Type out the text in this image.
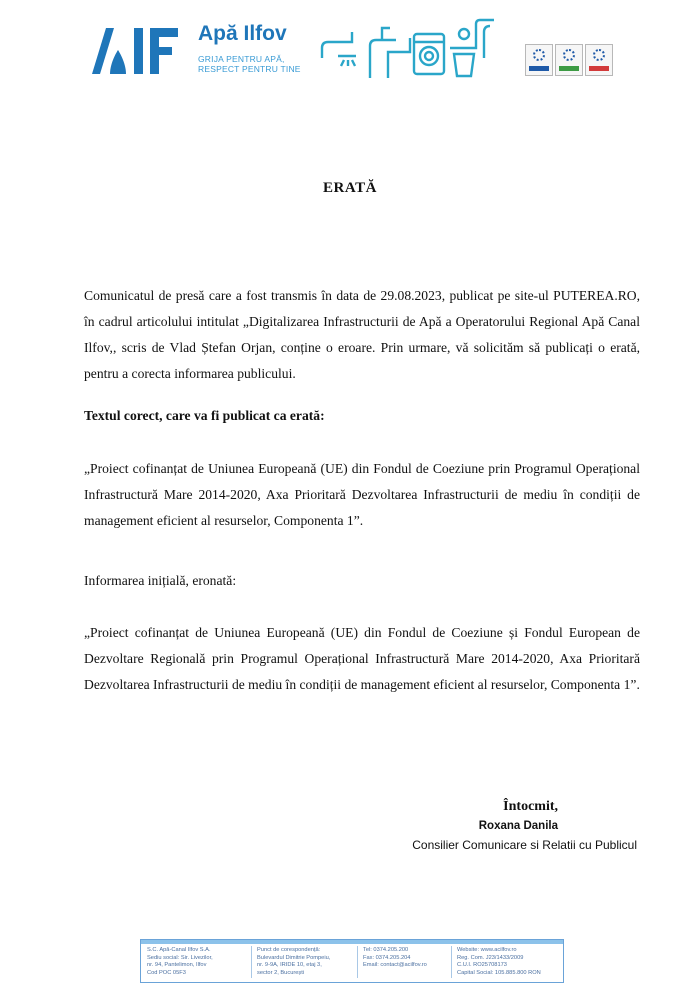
Apă Ilfov
GRIJA PENTRU APĂ,
RESPECT PENTRU TINE
ERATĂ
Comunicatul de presă care a fost transmis în data de 29.08.2023, publicat pe site-ul PUTEREA.RO, în cadrul articolului intitulat „Digitalizarea Infrastructurii de Apă a Operatorului Regional Apă Canal Ilfov,, scris de Vlad Ștefan Orjan, conține o eroare. Prin urmare, vă solicităm să publicați o erată, pentru a corecta informarea publicului.
Textul corect, care va fi publicat ca erată:
„Proiect cofinanțat de Uniunea Europeană (UE) din Fondul de Coeziune prin Programul Operațional Infrastructură Mare 2014-2020, Axa Prioritară Dezvoltarea Infrastructurii de mediu în condiții de management eficient al resurselor, Componenta 1”.
Informarea inițială, eronată:
„Proiect cofinanțat de Uniunea Europeană (UE) din Fondul de Coeziune și Fondul European de Dezvoltare Regională prin Programul Operațional Infrastructură Mare 2014-2020, Axa Prioritară Dezvoltarea Infrastructurii de mediu în condiții de management eficient al resurselor, Componenta 1”.
Întocmit,
Roxana Danila
Consilier Comunicare si Relatii cu Publicul
S.C. Apă-Canal Ilfov S.A.
Sediu social: Sir. Livezilor,
nr. 94, Pantelimon, Ilfov
Cod POC 05F3
Punct de corespondență:
Bulevardul Dimitrie Pompeiu,
nr. 9-9A, IRIDE 10, etaj 3,
sector 2, București
Tel: 0374.205.200
Fax: 0374.205.204
Email: contact@acilfov.ro
Website: www.acilfov.ro
Reg. Com. J23/1433/2009
C.U.I. RO25708173
Capital Social: 105.885.800 RON
